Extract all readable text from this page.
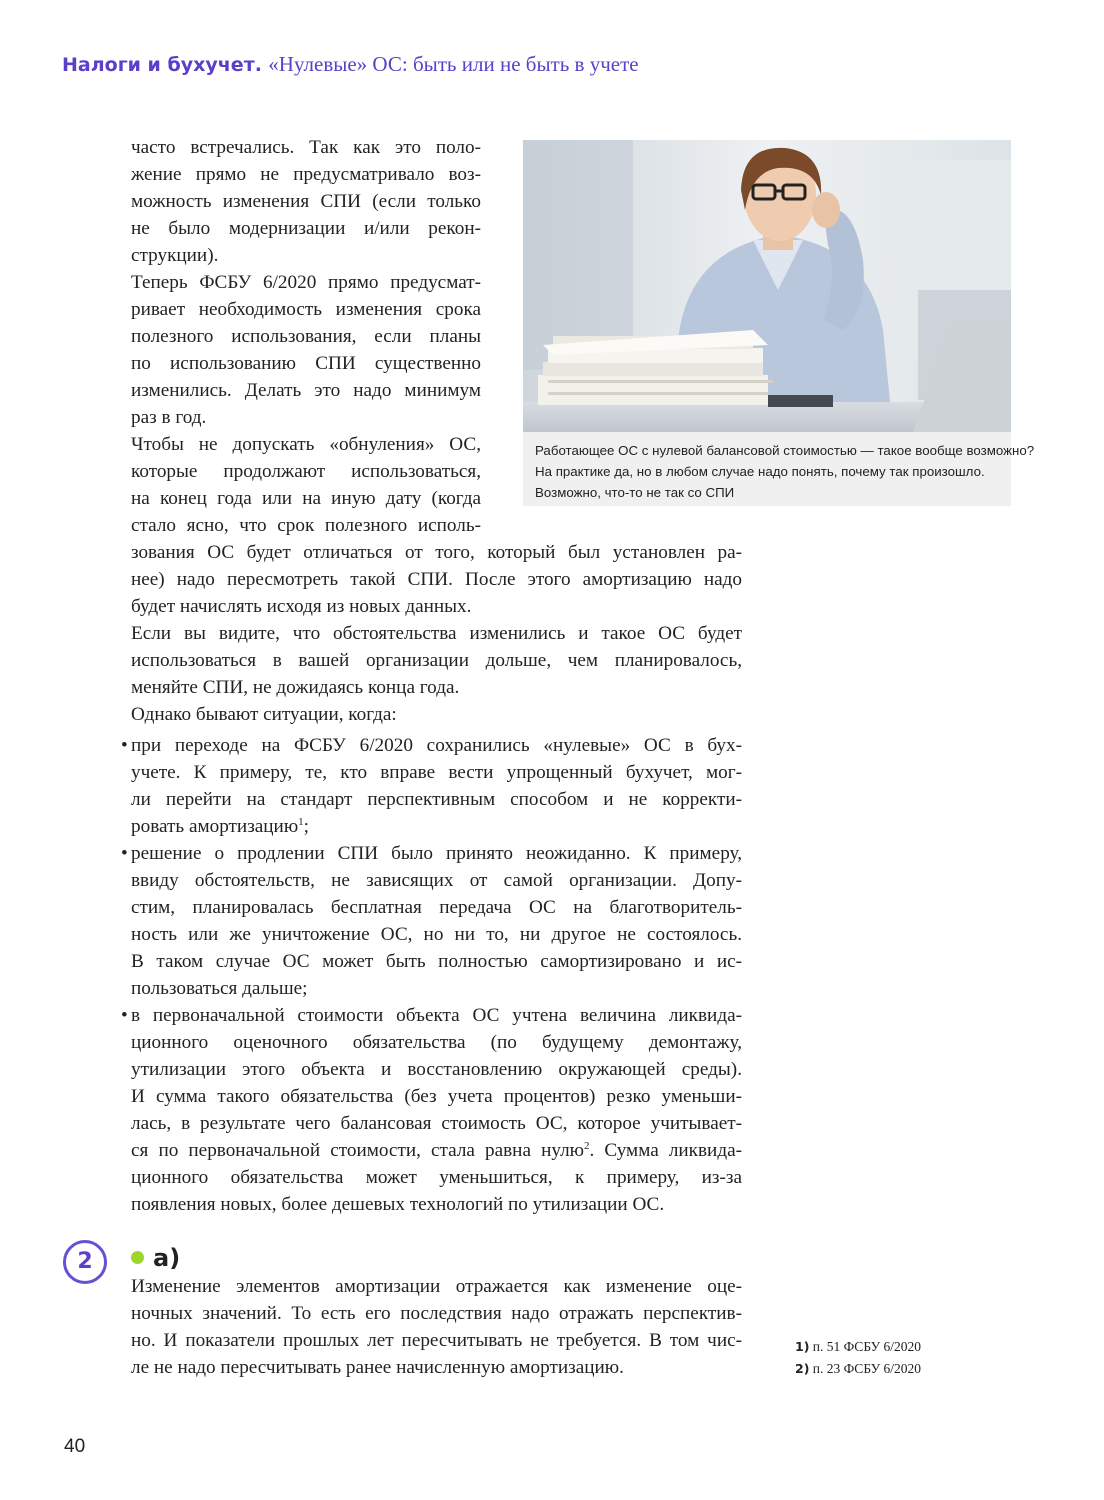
Налоги и бухучет. «Нулевые» ОС: быть или не быть в учете
часто встречались. Так как это поло-
жение прямо не предусматривало воз-
можность изменения СПИ (если только
не было модернизации и/или рекон-
струкции).
Теперь ФСБУ 6/2020 прямо предусмат-
ривает необходимость изменения срока
полезного использования, если планы
по использованию СПИ существенно
изменились. Делать это надо минимум
раз в год.
Чтобы не допускать «обнуления» ОС,
которые продолжают использоваться,
на конец года или на иную дату (когда
стало ясно, что срок полезного исполь-
Работающее ОС с нулевой балансовой стоимостью — такое вообще возможно?
На практике да, но в любом случае надо понять, почему так произошло.
Возможно, что-то не так со СПИ
зования ОС будет отличаться от того, который был установлен ра-
нее) надо пересмотреть такой СПИ. После этого амортизацию надо
будет начислять исходя из новых данных.
Если вы видите, что обстоятельства изменились и такое ОС будет
использоваться в вашей организации дольше, чем планировалось,
меняйте СПИ, не дожидаясь конца года.
Однако бывают ситуации, когда:
• при переходе на ФСБУ 6/2020 сохранились «нулевые» ОС в бух-
учете. К примеру, те, кто вправе вести упрощенный бухучет, мог-
ли перейти на стандарт перспективным способом и не корректи-
ровать амортизацию$^1$;
• решение о продлении СПИ было принято неожиданно. К примеру,
ввиду обстоятельств, не зависящих от самой организации. Допу-
стим, планировалась бесплатная передача ОС на благотворитель-
ность или же уничтожение ОС, но ни то, ни другое не состоялось.
В таком случае ОС может быть полностью самортизировано и ис-
пользоваться дальше;
• в первоначальной стоимости объекта ОС учтена величина ликвида-
ционного оценочного обязательства (по будущему демонтажу,
утилизации этого объекта и восстановлению окружающей среды).
И сумма такого обязательства (без учета процентов) резко уменьши-
лась, в результате чего балансовая стоимость ОС, которое учитывает-
ся по первоначальной стоимости, стала равна нулю$^2$. Сумма ликвида-
ционного обязательства может уменьшиться, к примеру, из-за
появления новых, более дешевых технологий по утилизации ОС.
2	а)
Изменение элементов амортизации отражается как изменение оце-
ночных значений. То есть его последствия надо отражать перспектив-
но. И показатели прошлых лет пересчитывать не требуется. В том чис-
ле не надо пересчитывать ранее начисленную амортизацию.
1) п. 51 ФСБУ 6/2020
2) п. 23 ФСБУ 6/2020
40
